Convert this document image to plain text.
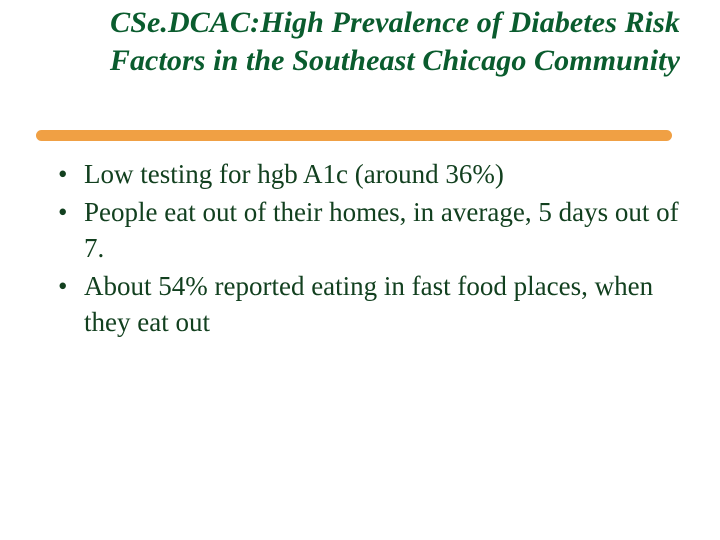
CSe.DCAC:High Prevalence of Diabetes Risk Factors in the Southeast Chicago Community
• Low testing for hgb A1c (around 36%)
• People eat out of their homes, in average, 5 days out of 7.
• About 54% reported eating in fast food places, when they eat out
